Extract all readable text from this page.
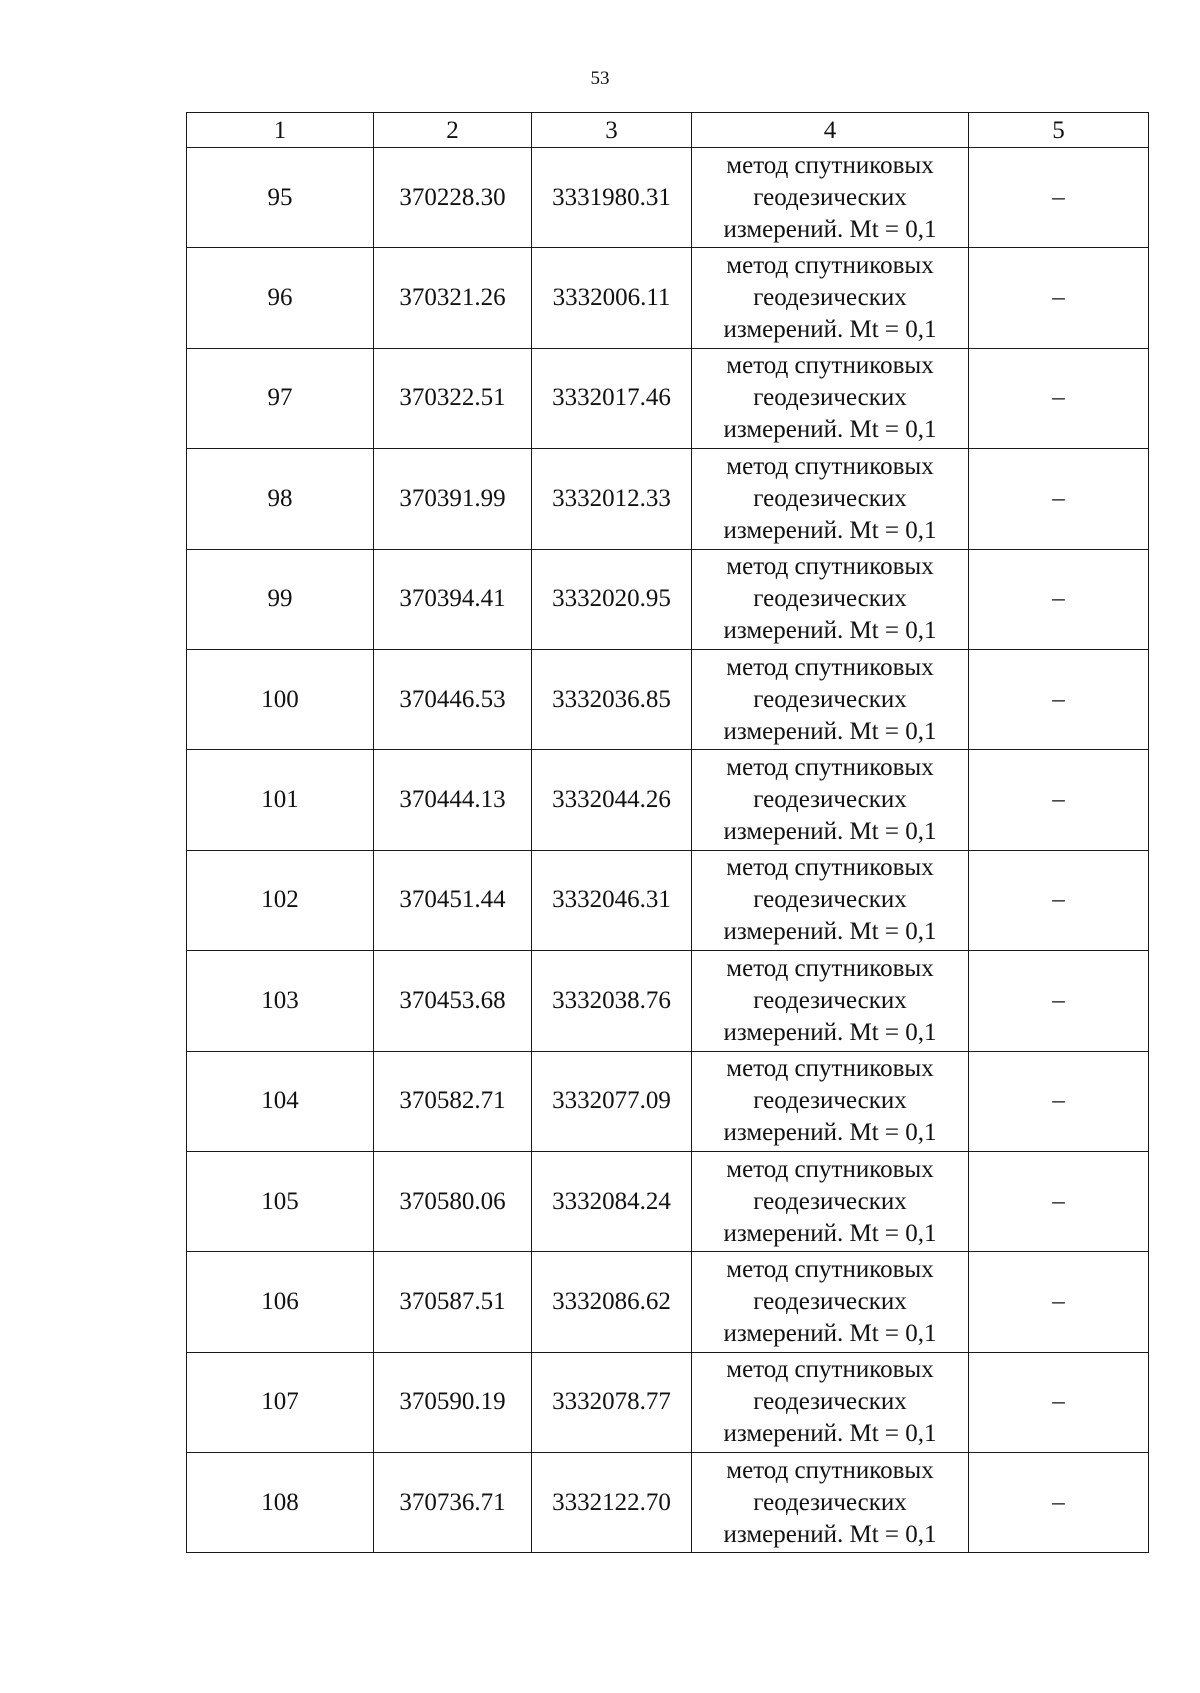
53
1	2	3	4	5
95	370228.30	3331980.31	метод спутниковых
геодезических
измерений. Mt = 0,1	–
96	370321.26	3332006.11	метод спутниковых
геодезических
измерений. Mt = 0,1	–
97	370322.51	3332017.46	метод спутниковых
геодезических
измерений. Mt = 0,1	–
98	370391.99	3332012.33	метод спутниковых
геодезических
измерений. Mt = 0,1	–
99	370394.41	3332020.95	метод спутниковых
геодезических
измерений. Mt = 0,1	–
100	370446.53	3332036.85	метод спутниковых
геодезических
измерений. Mt = 0,1	–
101	370444.13	3332044.26	метод спутниковых
геодезических
измерений. Mt = 0,1	–
102	370451.44	3332046.31	метод спутниковых
геодезических
измерений. Mt = 0,1	–
103	370453.68	3332038.76	метод спутниковых
геодезических
измерений. Mt = 0,1	–
104	370582.71	3332077.09	метод спутниковых
геодезических
измерений. Mt = 0,1	–
105	370580.06	3332084.24	метод спутниковых
геодезических
измерений. Mt = 0,1	–
106	370587.51	3332086.62	метод спутниковых
геодезических
измерений. Mt = 0,1	–
107	370590.19	3332078.77	метод спутниковых
геодезических
измерений. Mt = 0,1	–
108	370736.71	3332122.70	метод спутниковых
геодезических
измерений. Mt = 0,1	–
